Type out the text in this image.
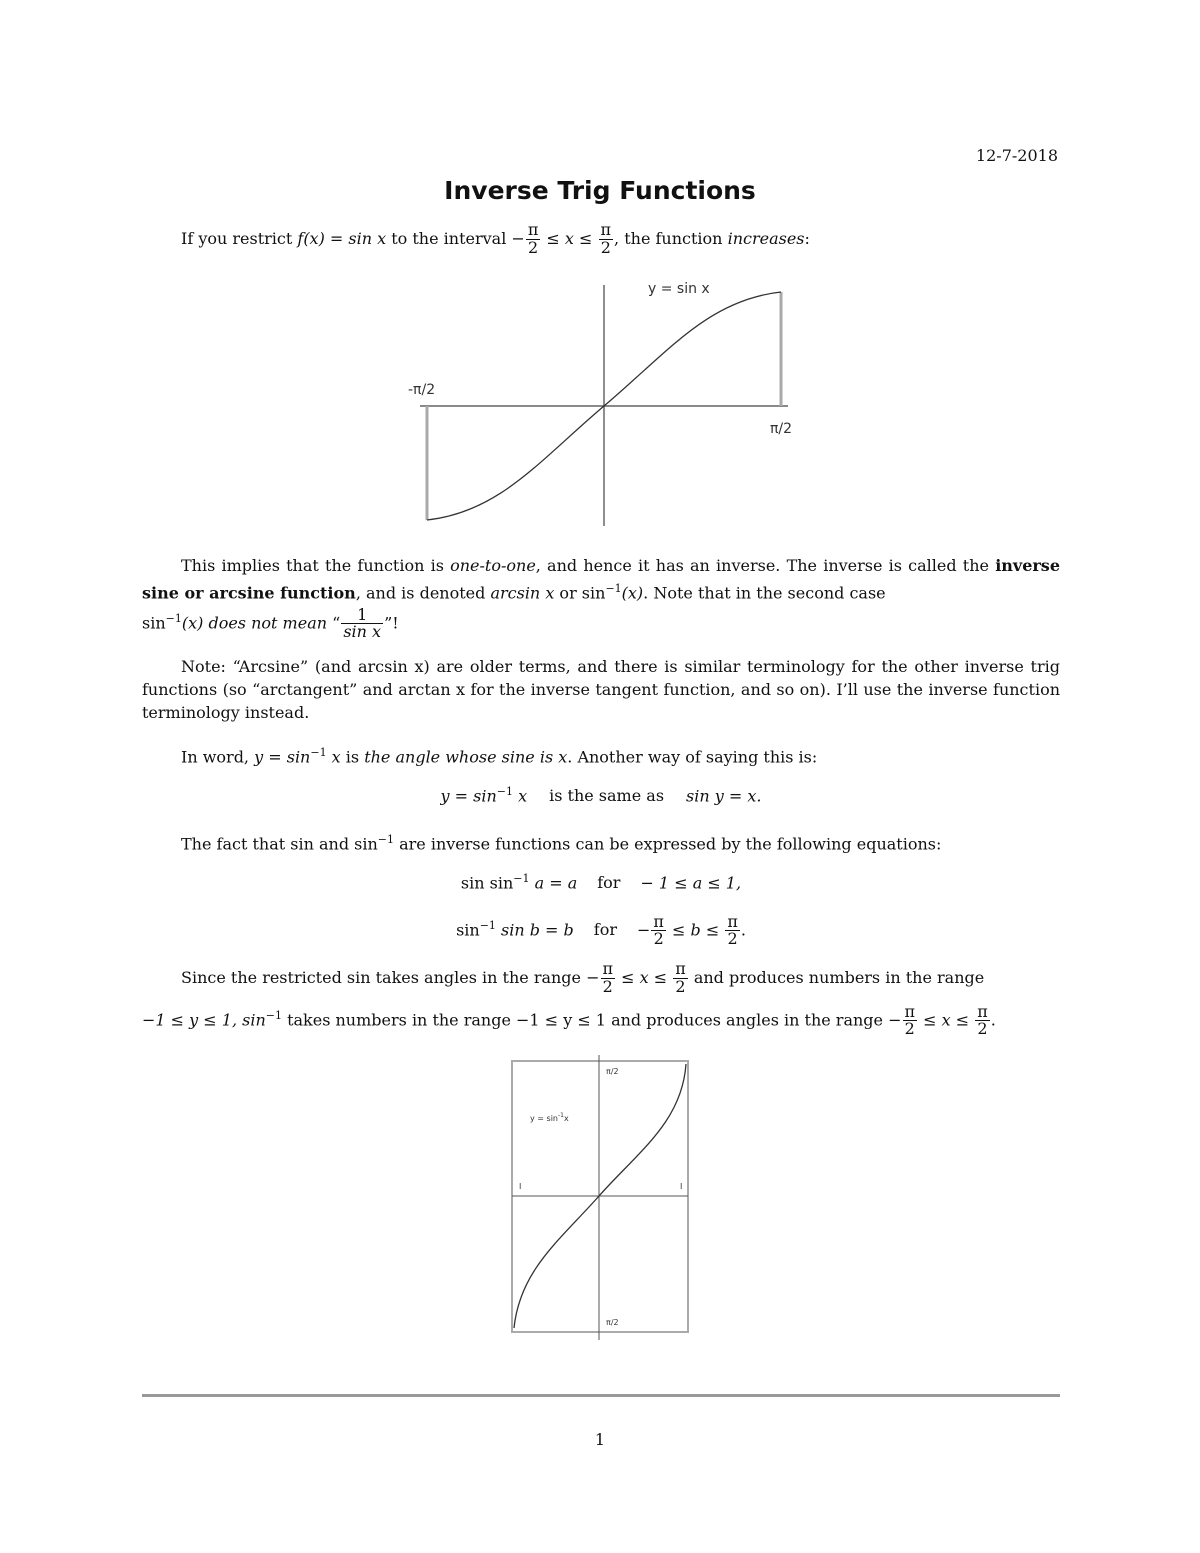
12-7-2018
Inverse Trig Functions
If you restrict f(x) = sin x to the interval − $\frac{\pi}{2} \le x \le \frac{\pi}{2}$ , the function increases:
y = sin x
-π/2
π/2
This implies that the function is one-to-one, and hence it has an inverse. The inverse is called the inverse sine or arcsine function, and is denoted arcsin x or $\sin^{-1}(x)$. Note that in the second case
$\sin^{-1}(x)$ does not mean “ $\frac{1}{\text{sin x}}$ ”!
Note: “Arcsine” (and arcsin x) are older terms, and there is similar terminology for the other inverse trig functions (so “arctangent” and arctan x for the inverse tangent function, and so on). I’ll use the inverse function terminology instead.
In word, $y = \sin^{-1} x$ is the angle whose sine is x. Another way of saying this is:
$y = \sin^{-1} x$ is the same as sin y = x.
The fact that sin and $\sin^{-1}$ are inverse functions can be expressed by the following equations:
$\sin \sin^{-1} a = a$ for − 1 ≤ a ≤ 1,
$\sin^{-1} \sin b = b$ for − $\frac{\pi}{2} \le b \le \frac{\pi}{2}$ .
Since the restricted sin takes angles in the range − $\frac{\pi}{2} \le x \le \frac{\pi}{2}$ and produces numbers in the range
−1 ≤ y ≤ 1, $\sin^{-1}$ takes numbers in the range −1 ≤ y ≤ 1 and produces angles in the range − $\frac{\pi}{2} \le x \le \frac{\pi}{2}$ .
π/2
π/2
$y = \sin^{-1}x$
I	I
1
